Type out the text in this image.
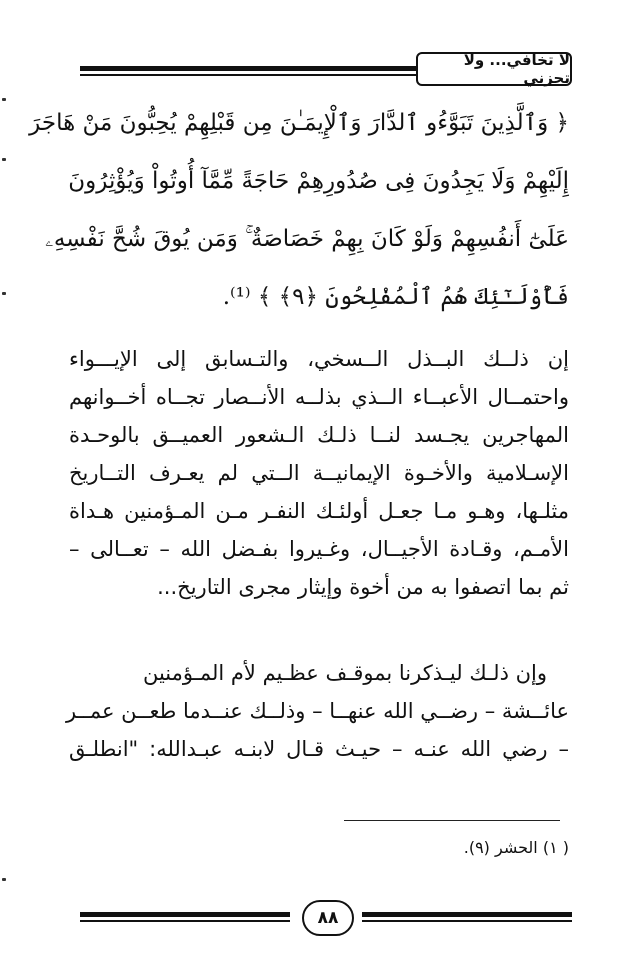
لا تخافي... ولا تحزني
﴿ وَٱلَّذِينَ تَبَوَّءُو ٱلدَّارَ وَٱلْإِيمَـٰنَ مِن قَبْلِهِمْ يُحِبُّونَ مَنْ هَاجَرَ
إِلَيْهِمْ وَلَا يَجِدُونَ فِى صُدُورِهِمْ حَاجَةً مِّمَّآ أُوتُواْ وَيُؤْثِرُونَ
عَلَىٰٓ أَنفُسِهِمْ وَلَوْ كَانَ بِهِمْ خَصَاصَةٌ ۚ وَمَن يُوقَ شُحَّ نَفْسِهِۦ
فَأُوْلَـٰٓئِكَ هُمُ ٱلْمُفْلِحُونَ ﴿٩﴾ ﴾ ⁽¹⁾.
إن ذلــك البــذل الــسخي، والتـسابق إلى الإيـــواء
واحتمــال الأعبــاء الــذي بذلــه الأنــصار تجــاه أخــوانهم
المهاجرين يجـسد لنــا ذلـك الـشعور العميــق بالوحـدة
الإسـلامية والأخـوة الإيمانيــة الــتي لم يعـرف التــاريخ
مثلـها، وهـو مـا جعـل أولئـك النفـر مـن المـؤمنين هـداة
الأمـم، وقـادة الأجيــال، وغـيروا بفـضل الله – تعــالى –
ثم بما اتصفوا به من أخوة وإيثار مجرى التاريخ...
وإن ذلـك ليـذكرنا بموقـف عظـيم لأم المـؤمنين
عائــشة – رضــي الله عنهــا – وذلــك عنــدما طعــن عمــر
– رضي الله عنـه – حيـث قـال لابنـه عبـدالله: "انطلـق
( ١) الحشر (٩).
٨٨
